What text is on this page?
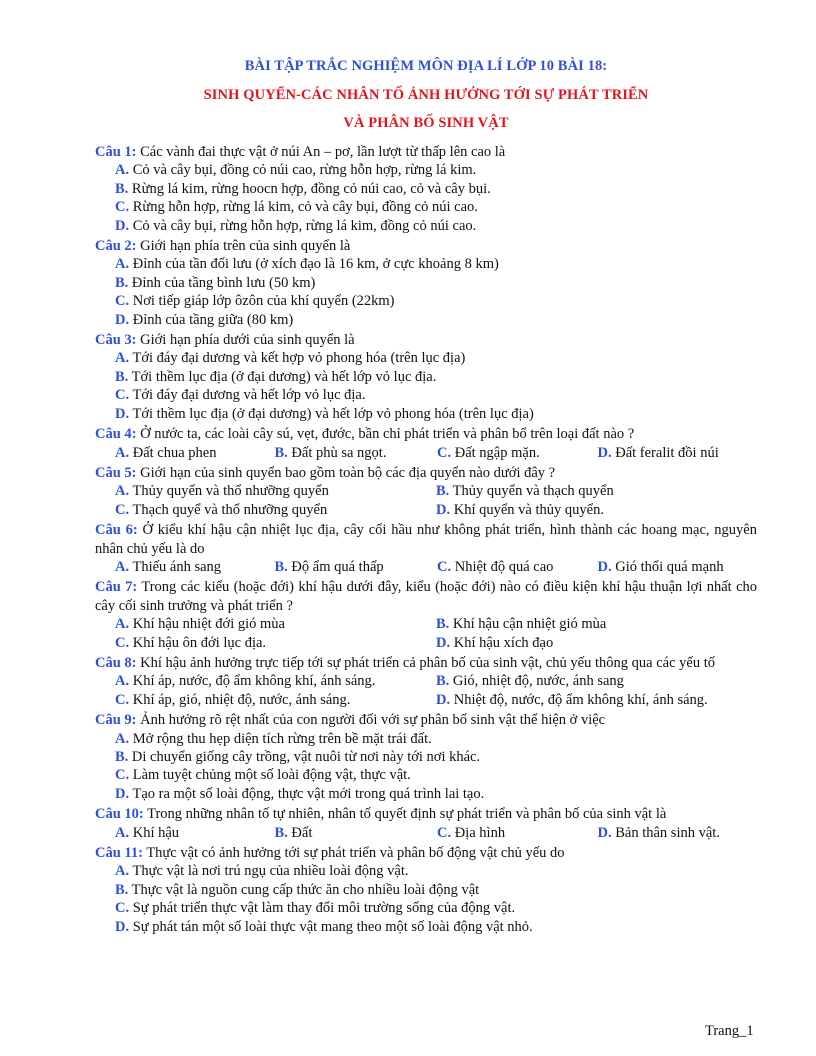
BÀI TẬP TRẮC NGHIỆM MÔN ĐỊA LÍ LỚP 10 BÀI 18:
SINH QUYỂN-CÁC NHÂN TỐ ẢNH HƯỞNG TỚI SỰ PHÁT TRIỂN
VÀ PHÂN BỐ SINH VẬT
Câu 1: Các vành đai thực vật ở núi An – pơ, lần lượt từ thấp lên cao là
A. Cỏ và cây bụi, đồng cỏ núi cao, rừng hỗn hợp, rừng lá kim.
B. Rừng lá kim, rừng hoocn hợp, đồng cỏ núi cao, cỏ và cây bụi.
C. Rừng hỗn hợp, rừng lá kim, cỏ và cây bụi, đồng cỏ núi cao.
D. Cỏ và cây bụi, rừng hỗn hợp, rừng lá kim, đồng cỏ núi cao.
Câu 2: Giới hạn phía trên của sinh quyển là
A. Đỉnh của tần đối lưu (ở xích đạo là 16 km, ở cực khoảng 8 km)
B. Đỉnh của tầng bình lưu (50 km)
C. Nơi tiếp giáp lớp ôzôn của khí quyển (22km)
D. Đỉnh của tầng giữa (80 km)
Câu 3: Giới hạn phía dưới của sinh quyển là
A. Tới đáy đại dương và kết hợp vỏ phong hóa (trên lục địa)
B. Tới thềm lục địa (ở đại dương) và hết lớp vỏ lục địa.
C. Tới đáy đại dương và hết lớp vỏ lục địa.
D. Tới thềm lục địa (ở đại dương) và hết lớp vỏ phong hóa (trên lục địa)
Câu 4: Ở nước ta, các loài cây sú, vẹt, đước, bần chỉ phát triển và phân bố trên loại đất nào ?
A. Đất chua phen	B. Đất phù sa ngọt.	C. Đất ngập mặn.	D. Đất feralit đồi núi
Câu 5: Giới hạn của sinh quyển bao gồm toàn bộ các địa quyển nào dưới đây ?
A. Thủy quyển và thổ nhưỡng quyển	B. Thủy quyển và thạch quyển
C. Thạch quyể và thổ nhưỡng quyển	D. Khí quyển và thủy quyển.
Câu 6: Ở kiểu khí hậu cận nhiệt lục địa, cây cối hầu như không phát triển, hình thành các hoang mạc, nguyên nhân chủ yếu là do
A. Thiếu ánh sang	B. Độ ẩm quá thấp	C. Nhiệt độ quá cao	D. Gió thổi quá mạnh
Câu 7: Trong các kiểu (hoặc đới) khí hậu dưới đây, kiểu (hoặc đới) nào có điều kiện khí hậu thuận lợi nhất cho cây cối sinh trưởng và phát triển ?
A. Khí hậu nhiệt đới gió mùa	B. Khí hậu cận nhiệt gió mùa
C. Khí hậu ôn đới lục địa.	D. Khí hậu xích đạo
Câu 8: Khí hậu ảnh hưởng trực tiếp tới sự phát triển cả phân bố của sinh vật, chủ yếu thông qua các yếu tố
A. Khí áp, nước, độ ẩm không khí, ánh sáng.	B. Gió, nhiệt độ, nước, ánh sang
C. Khí áp, gió, nhiệt độ, nước, ánh sáng.	D. Nhiệt độ, nước, độ ẩm không khí, ánh sáng.
Câu 9: Ảnh hưởng rõ rệt nhất của con người đối với sự phân bố sinh vật thể hiện ở việc
A. Mở rộng thu hẹp diện tích rừng trên bề mặt trái đất.
B. Di chuyển giống cây trồng, vật nuôi từ nơi này tới nơi khác.
C. Làm tuyệt chủng một số loài động vật, thực vật.
D. Tạo ra một số loài động, thực vật mới trong quá trình lai tạo.
Câu 10: Trong những nhân tố tự nhiên, nhân tố quyết định sự phát triển và phân bố của sinh vật là
A. Khí hậu	B. Đất	C. Địa hình	D. Bản thân sinh vật.
Câu 11: Thực vật có ảnh hưởng tới sự phát triển và phân bố động vật chủ yếu do
A. Thực vật là nơi trú ngụ của nhiều loài động vật.
B. Thực vật là nguồn cung cấp thức ăn cho nhiều loài động vật
C. Sự phát triển thực vật làm thay đổi môi trường sống của động vật.
D. Sự phát tán một số loài thực vật mang theo một số loài động vật nhỏ.
Trang_1
